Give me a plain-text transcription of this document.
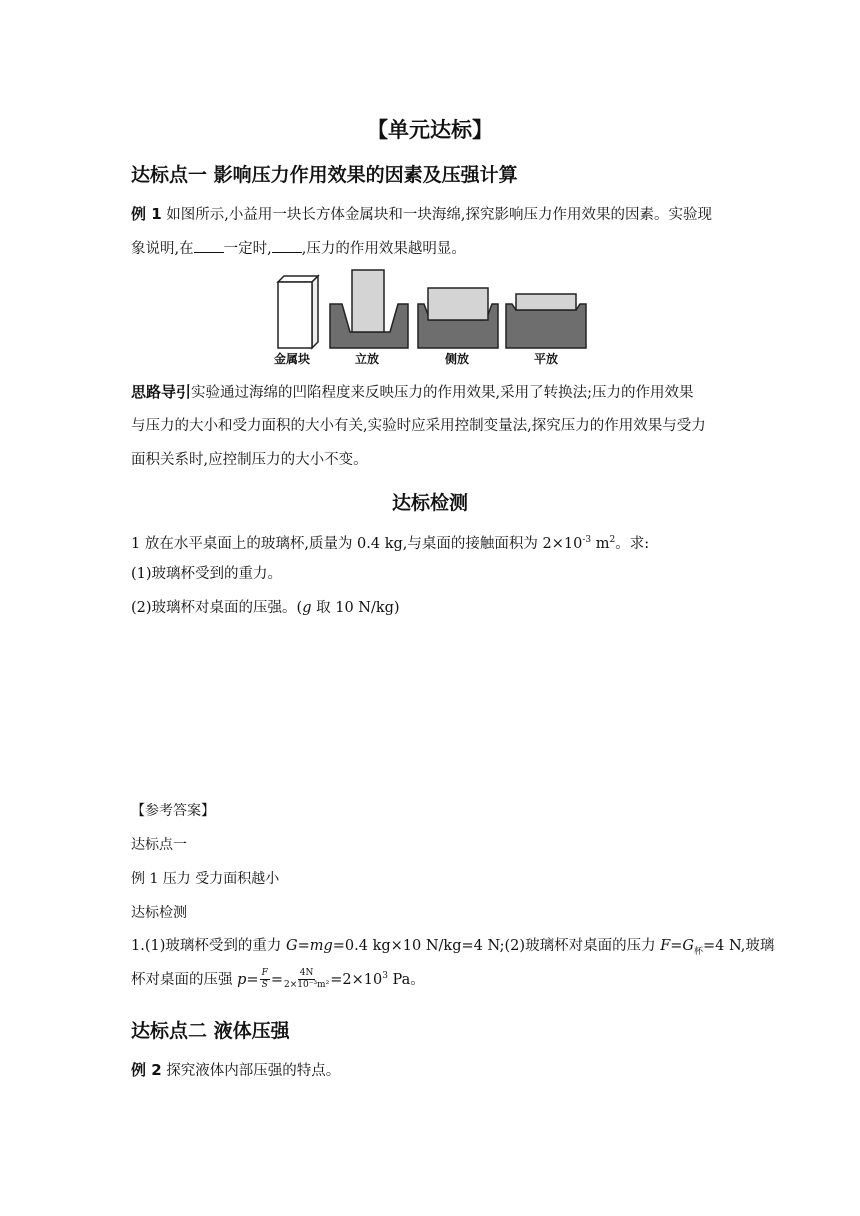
【单元达标】
达标点一 影响压力作用效果的因素及压强计算
例 1 如图所示,小益用一块长方体金属块和一块海绵,探究影响压力作用效果的因素。实验现
象说明,在 一定时, ,压力的作用效果越明显。
金属块	立放	侧放	平放
思路导引实验通过海绵的凹陷程度来反映压力的作用效果,采用了转换法;压力的作用效果
与压力的大小和受力面积的大小有关,实验时应采用控制变量法,探究压力的作用效果与受力
面积关系时,应控制压力的大小不变。
达标检测
1 放在水平桌面上的玻璃杯,质量为 0.4 kg,与桌面的接触面积为 $2\times 10^{-3}$ $m^2$。求:
(1)玻璃杯受到的重力。
(2)玻璃杯对桌面的压强。(g 取 10 N/kg)
【参考答案】
达标点一
例 1 压力 受力面积越小
达标检测
1.(1)玻璃杯受到的重力 G=mg=0.4 kg×10 N/kg=4 N;(2)玻璃杯对桌面的压力 $F=G_杯=4$ N,玻璃
杯对桌面的压强 $p= \frac{F}{S} = \frac{4N}{\text{2×10⁻³m²}} =2\times 10^3$ Pa。
达标点二 液体压强
例 2 探究液体内部压强的特点。
